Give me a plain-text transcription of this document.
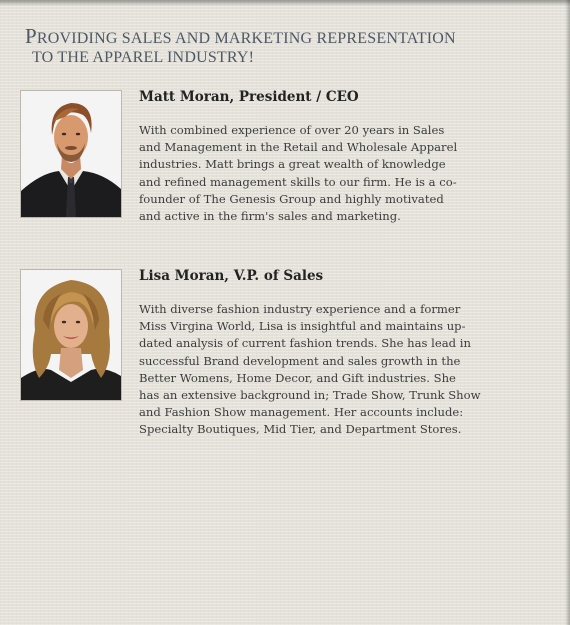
PROVIDING SALES AND MARKETING REPRESENTATION
TO THE APPAREL INDUSTRY!
Matt Moran, President / CEO

With combined experience of over 20 years in Sales
and Management in the Retail and Wholesale Apparel
industries. Matt brings a great wealth of knowledge
and refined management skills to our firm. He is a co-
founder of The Genesis Group and highly motivated
and active in the firm's sales and marketing.

Lisa Moran, V.P. of Sales

With diverse fashion industry experience and a former
Miss Virgina World, Lisa is insightful and maintains up-
dated analysis of current fashion trends. She has lead in
successful Brand development and sales growth in the
Better Womens, Home Decor, and Gift industries. She
has an extensive background in; Trade Show, Trunk Show
and Fashion Show management. Her accounts include:
Specialty Boutiques, Mid Tier, and Department Stores.
